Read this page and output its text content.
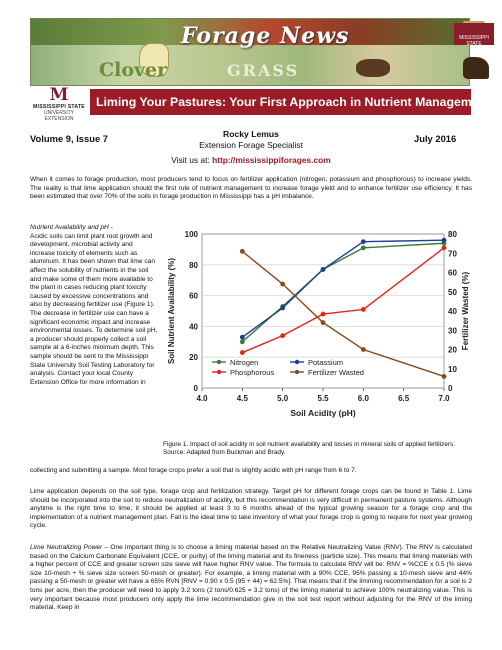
Forage News
Clover	GRASS
MISSISSIPPI STATE
M
MISSISSIPPI STATE
UNIVERSITY
EXTENSION
Liming Your Pastures: Your First Approach in Nutrient Management
Volume 9, Issue 7	July 2016
Rocky Lemus
Extension Forage Specialist
Visit us at: http://mississippiforages.com
When it comes to forage production, most producers tend to focus on fertilizer application (nitrogen, potassium and phosphorous) to increase yields. The reality is that lime application should the first rule of nutrient management to increase forage yield and to enhance fertilizer use efficiency. It has been estimated that over 70% of the soils in forage production in Mississippi has a pH imbalance.
Nutrient Availability and pH -
Acidic soils can limit plant root growth and development, microbial activity and increase toxicity of elements such as aluminum. It has been shown that lime can affect the solubility of nutrients in the soil and make some of them more available to the plant in cases reducing plant toxicity caused by excessive concentrations and also by decreasing fertilizer use (Figure 1). The decrease in fertilizer use can have a significant economic impact and increase environmental losses. To determine soil pH, a producer should properly collect a soil sample at a 6-inches minimum depth. This sample should be sent to the Mississippi State University Soil Testing Laboratory for analysis. Contact your local County Extension Office for more information in
0
20
40
60
80
100
0
10
20
30
40
50
60
70
80
4.0	4.5	5.0	5.5	6.0	6.5	7.0
Soil Acidity (pH)
Soil Nutrient Availability (%)	Fertilizer Wasted (%)
Nitrogen	Potassium
Phosphorous	Fertilizer Wasted
Figure 1. Impact of soil acidity in soil nutrient availability and losses in mineral soils of applied fertilizers. Source: Adapted from Buckman and Brady.
collecting and submitting a sample. Most forage crops prefer a soil that is slightly acidic with pH range from 6 to 7.
Lime application depends on the soil type, forage crop and fertilization strategy. Target pH for different forage crops can be found in Table 1. Lime should be incorporated into the soil to reduce neutralization of acidity, but this recommendation is very difficult in permanent pasture systems. Although anytime is the right time to lime, it should be applied at least 3 to 6 months ahead of the typical growing season for a forage crop and the implementation of a nutrient management plan. Fall is the ideal time to take inventory of what your forage crop is going to require for next year growing cycle.
Lime Neutralizing Power – One important thing is to choose a liming material based on the Relative Neutralizing Value (RNV). The RNV is calculated based on the Calcium Carbonate Equivalent (CCE, or purity) of the liming material and its fineness (particle size). This means that liming materials with a higher percent of CCE and greater screen size sieve will have higher RNV value. The formula to calculate RNV will be: RNV = %CCE x 0.5 (% sieve size 10-mesh + % sieve size screen 50-mesh or greater). For example, a liming material with a 90% CCE, 95% passing a 10-mesh sieve and 44% passing a 50-mesh or greater will have a 65% RVN [RNV = 0.90 x 0.5 (95 + 44) = 62.5%]. That means that if the limming recommendation for a soil is 2 tons per acre, then the producer will need to apply 3.2 tons (2 tons/0.625 = 3.2 tons) of the liming material to achieve 100% neutralizing value. This is very important because most producers only apply the lime recommendation give in the soil test report without adjusting for the RNV of the liming material. Keep in
